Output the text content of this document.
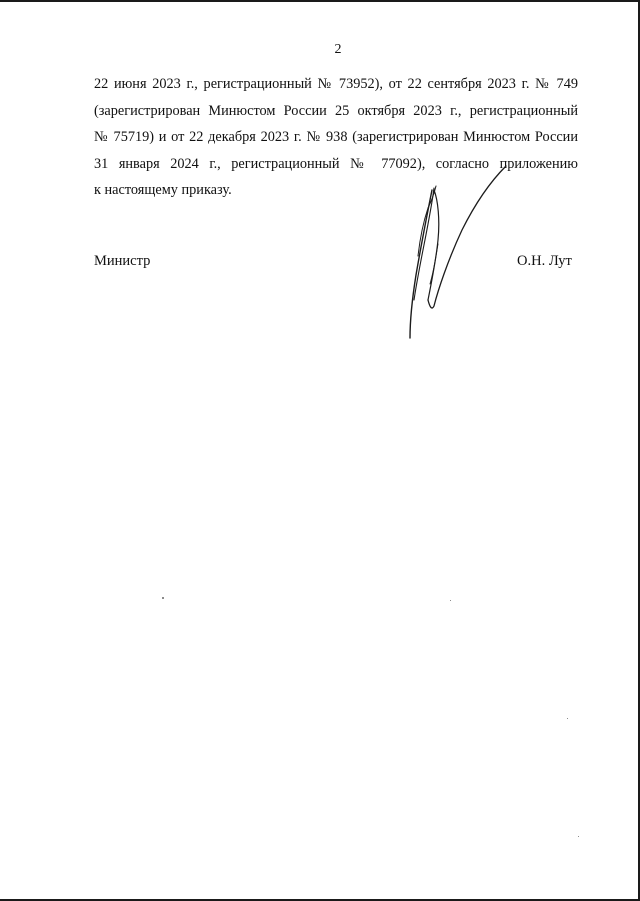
2
22 июня 2023 г., регистрационный № 73952), от 22 сентября 2023 г. № 749
(зарегистрирован Минюстом России 25 октября 2023 г., регистрационный
№ 75719) и от 22 декабря 2023 г. № 938 (зарегистрирован Минюстом России
31 января 2024 г., регистрационный № 77092), согласно приложению
к настоящему приказу.
Министр	О.Н. Лут
